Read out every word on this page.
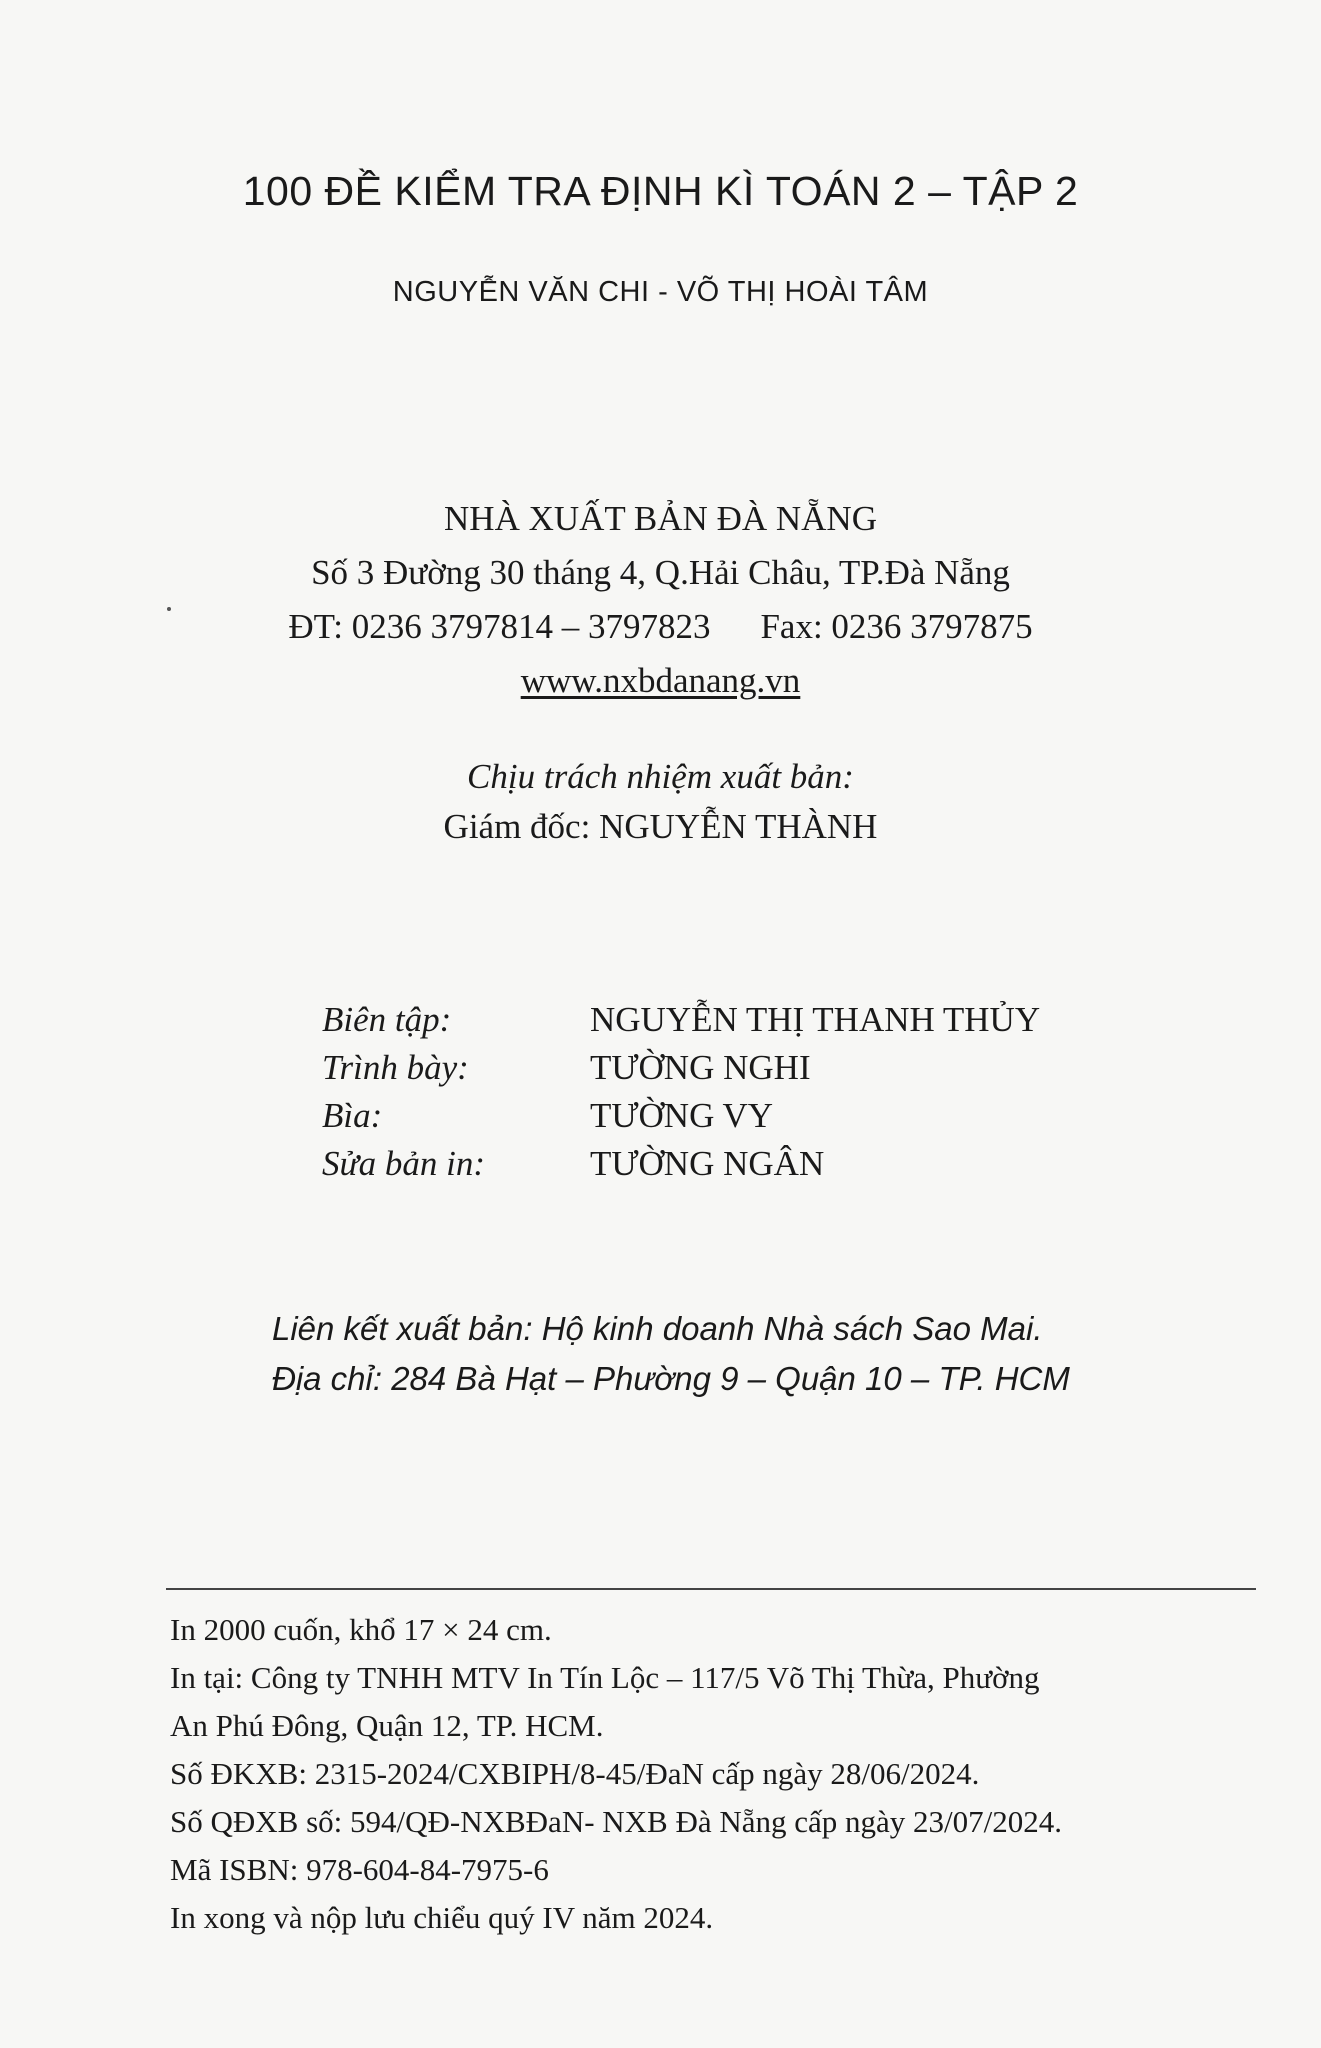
100 ĐỀ KIỂM TRA ĐỊNH KÌ TOÁN 2 – TẬP 2
NGUYỄN VĂN CHI - VÕ THỊ HOÀI TÂM
NHÀ XUẤT BẢN ĐÀ NẴNG
Số 3 Đường 30 tháng 4, Q.Hải Châu, TP.Đà Nẵng
ĐT: 0236 3797814 – 3797823 Fax: 0236 3797875
www.nxbdanang.vn
Chịu trách nhiệm xuất bản:
Giám đốc: NGUYỄN THÀNH
Biên tập:	NGUYỄN THỊ THANH THỦY
Trình bày:	TƯỜNG NGHI
Bìa:	TƯỜNG VY
Sửa bản in:	TƯỜNG NGÂN
Liên kết xuất bản: Hộ kinh doanh Nhà sách Sao Mai.
Địa chỉ: 284 Bà Hạt – Phường 9 – Quận 10 – TP. HCM
In 2000 cuốn, khổ 17 × 24 cm.
In tại: Công ty TNHH MTV In Tín Lộc – 117/5 Võ Thị Thừa, Phường
An Phú Đông, Quận 12, TP. HCM.
Số ĐKXB: 2315-2024/CXBIPH/8-45/ĐaN cấp ngày 28/06/2024.
Số QĐXB số: 594/QĐ-NXBĐaN- NXB Đà Nẵng cấp ngày 23/07/2024.
Mã ISBN: 978-604-84-7975-6
In xong và nộp lưu chiểu quý IV năm 2024.
